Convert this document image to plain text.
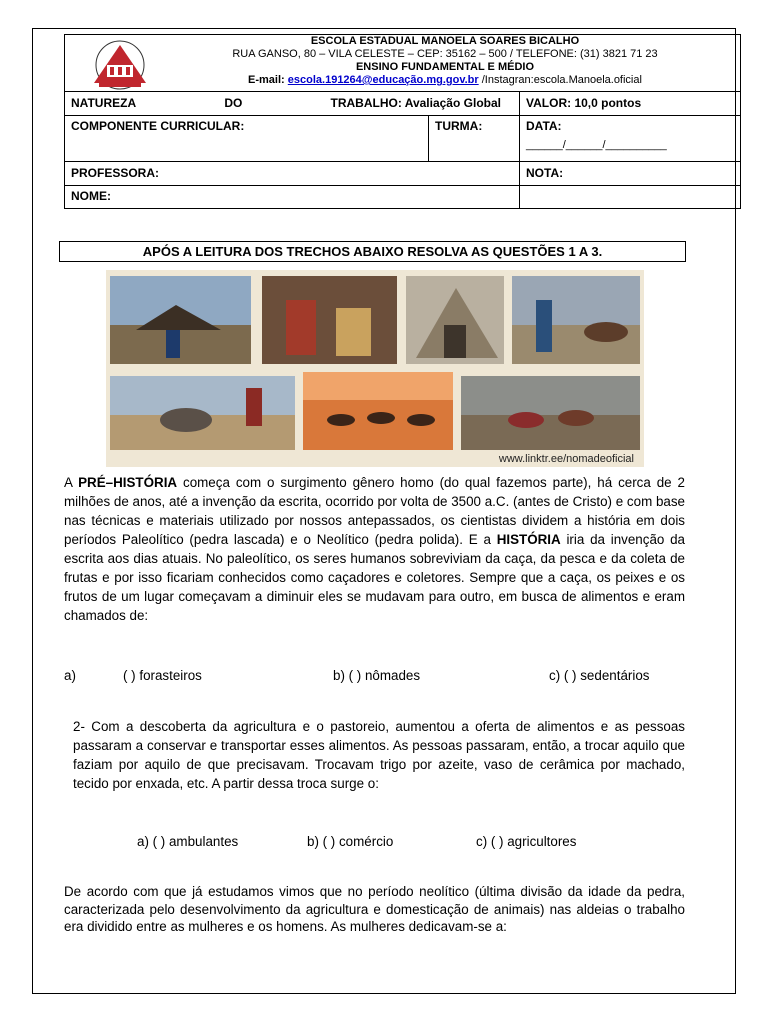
ESCOLA ESTADUAL MANOELA SOARES BICALHO
RUA GANSO, 80 – VILA CELESTE – CEP: 35162 – 500 / TELEFONE: (31) 3821 71 23
ENSINO FUNDAMENTAL E MÉDIO
E-mail: escola.191264@educação.mg.gov.br /Instagran:escola.Manoela.oficial		

NATUREZA DO TRABALHO: Avaliação Global		VALOR: 10,0 pontos
COMPONENTE CURRICULAR:	TURMA:	DATA:
______/______/__________

PROFESSORA:		NOTA:
NOME:		
APÓS A LEITURA DOS TRECHOS ABAIXO RESOLVA AS QUESTÕES 1 A 3.
www.linktr.ee/nomadeoficial
A PRÉ–HISTÓRIA começa com o surgimento gênero homo (do qual fazemos parte), há cerca de 2 milhões de anos, até a invenção da escrita, ocorrido por volta de 3500 a.C. (antes de Cristo) e com base nas técnicas e materiais utilizado por nossos antepassados, os cientistas dividem a história em dois períodos Paleolítico (pedra lascada) e o Neolítico (pedra polida). E a HISTÓRIA iria da invenção da escrita aos dias atuais. No paleolítico, os seres humanos sobreviviam da caça, da pesca e da coleta de frutas e por isso ficariam conhecidos como caçadores e coletores. Sempre que a caça, os peixes e os frutos de um lugar começavam a diminuir eles se mudavam para outro, em busca de alimentos e eram chamados de:
a)	( ) forasteiros	b) ( ) nômades	c) ( ) sedentários
2- Com a descoberta da agricultura e o pastoreio, aumentou a oferta de alimentos e as pessoas passaram a conservar e transportar esses alimentos. As pessoas passaram, então, a trocar aquilo que faziam por aquilo de que precisavam. Trocavam trigo por azeite, vaso de cerâmica por machado, tecido por enxada, etc. A partir dessa troca surge o:
a) ( ) ambulantes	b) ( ) comércio	c) ( ) agricultores
De acordo com que já estudamos vimos que no período neolítico (última divisão da idade da pedra, caracterizada pelo desenvolvimento da agricultura e domesticação de animais) nas aldeias o trabalho era dividido entre as mulheres e os homens. As mulheres dedicavam-se a:
